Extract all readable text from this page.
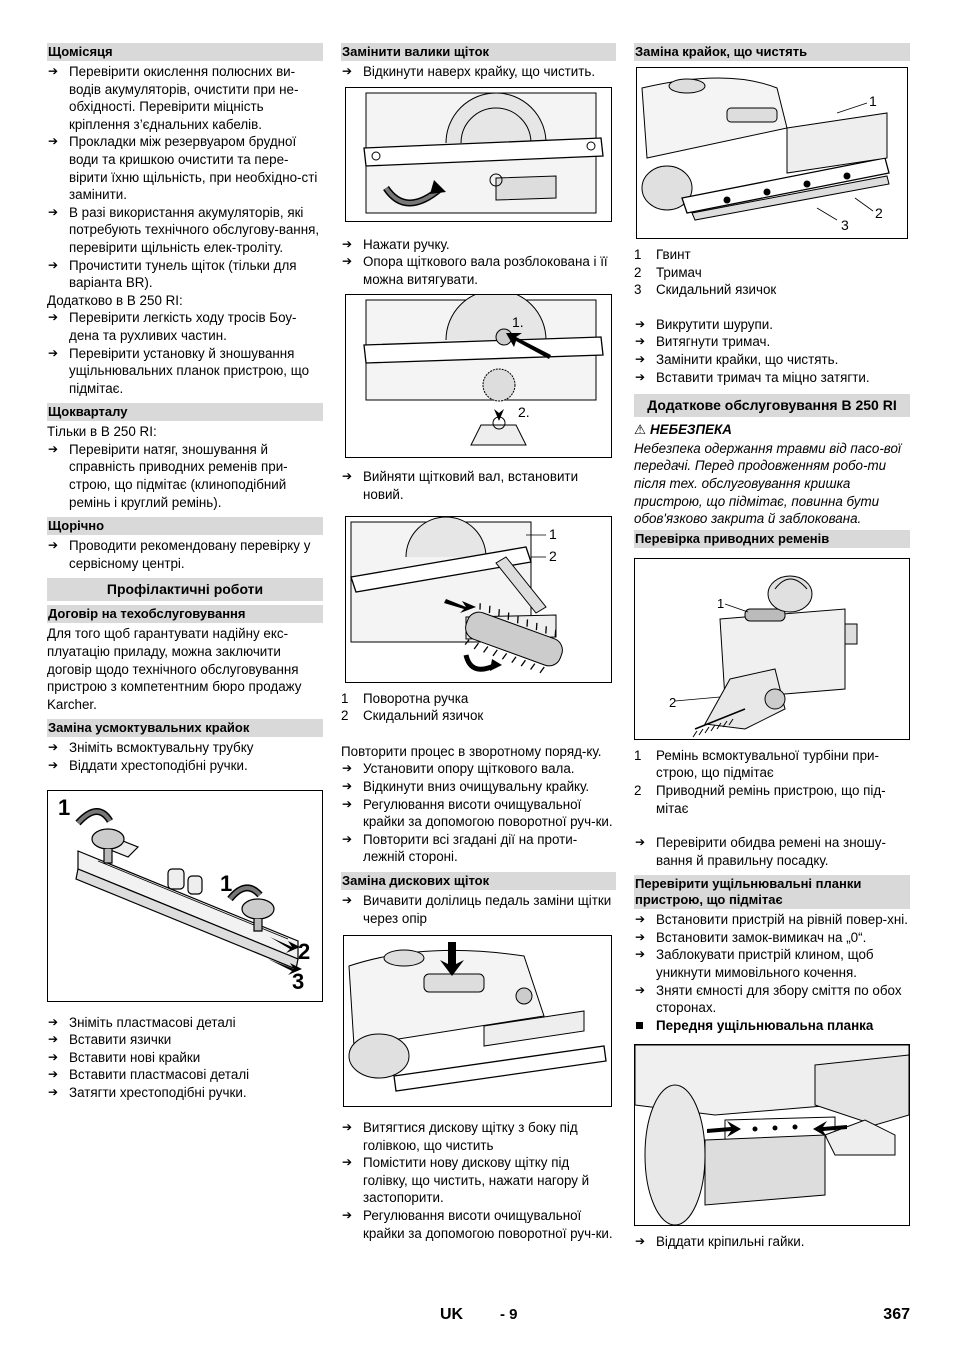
Щомісяця
➔ Перевірити окислення полюсних ви-водів акумуляторів, очистити при не-обхідності. Перевірити міцність кріплення з’єднальних кабелів.
➔ Прокладки між резервуаром брудної води та кришкою очистити та пере-вірити їхню щільність, при необхідно-сті замінити.
➔ В разі використання акумуляторів, які потребують технічного обслугову-вання, перевірити щільність елек-троліту.
➔ Прочистити тунель щіток (тільки для варіанта BR).

Додатково в B 250 RI:

➔ Перевірити легкість ходу тросів Боу-дена та рухливих частин.
➔ Перевірити установку й зношування ущільнювальних планок пристрою, що підмітає.
Щокварталу

Тільки в B 250 RI:

➔ Перевірити натяг, зношування й справність приводних ременів при-строю, що підмітає (клиноподібний ремінь і круглий ремінь).
Щорічно
➔ Проводити рекомендовану перевірку у сервісному центрі.
Профілактичні роботи
Договір на техобслуговування

Для того щоб гарантувати надійну екс-плуатацію приладу, можна заключити договір щодо технічного обслуговування пристрою з компетентним бюро продажу Karcher.

Заміна усмоктувальних крайок
➔ Зніміть всмоктувальну трубку
➔ Віддати хрестоподібні ручки.
1
1
2
3
➔ Зніміть пластмасові деталі
➔ Вставити язички
➔ Вставити нові крайки
➔ Вставити пластмасові деталі
➔ Затягти хрестоподібні ручки.
Замінити валики щіток
➔ Відкинути наверх крайку, що чистить.
➔ Нажати ручку.
➔ Опора щіткового вала розблокована і її можна витягувати.
1.
2.
➔ Вийняти щітковий вал, встановити новий.
1
2
1 Поворотна ручка
2 Скидальний язичок

Повторити процес в зворотному поряд-ку.

➔ Установити опору щіткового вала.
➔ Відкинути вниз очищувальну крайку.
➔ Регулювання висоти очищувальної крайки за допомогою поворотної руч-ки.
➔ Повторити всі згадані дії на проти-лежній стороні.
Заміна дискових щіток
➔ Вичавити долілиць педаль заміни щітки через опір
➔ Витягтися дискову щітку з боку під голівкою, що чистить
➔ Помістити нову дискову щітку під голівку, що чистить, нажати нагору й застопорити.
➔ Регулювання висоти очищувальної крайки за допомогою поворотної руч-ки.
Заміна крайок, що чистять
1
2
3
1 Гвинт
2 Тримач
3 Скидальний язичок
➔ Викрутити шурупи.
➔ Витягнути тримач.
➔ Замінити крайки, що чистять.
➔ Вставити тримач та міцно затягти.
Додаткове обслуговування B 250 RI
⚠ НЕБЕЗПЕКА

Небезпека одержання травми від пасо-вої передачі. Перед продовженням робо-ти після тех. обслуговування кришка пристрою, що підмітає, повинна бути обов'язково закрита й заблокована.

Перевірка приводних ременів
1
2
1 Ремінь всмоктувальної турбіни при-строю, що підмітає
2 Приводний ремінь пристрою, що під-мітає
➔ Перевірити обидва ремені на зношу-вання й правильну посадку.
Перевірити ущільнювальні планки пристрою, що підмітає
➔ Встановити пристрій на рівній повер-хні.
➔ Встановити замок-вимикач на „0“.
➔ Заблокувати пристрій клином, щоб уникнути мимовільного кочення.
➔ Зняти ємності для збору сміття по обох сторонах.
Передня ущільнювальна планка
➔ Віддати кріпильні гайки.
UK - 9	367
